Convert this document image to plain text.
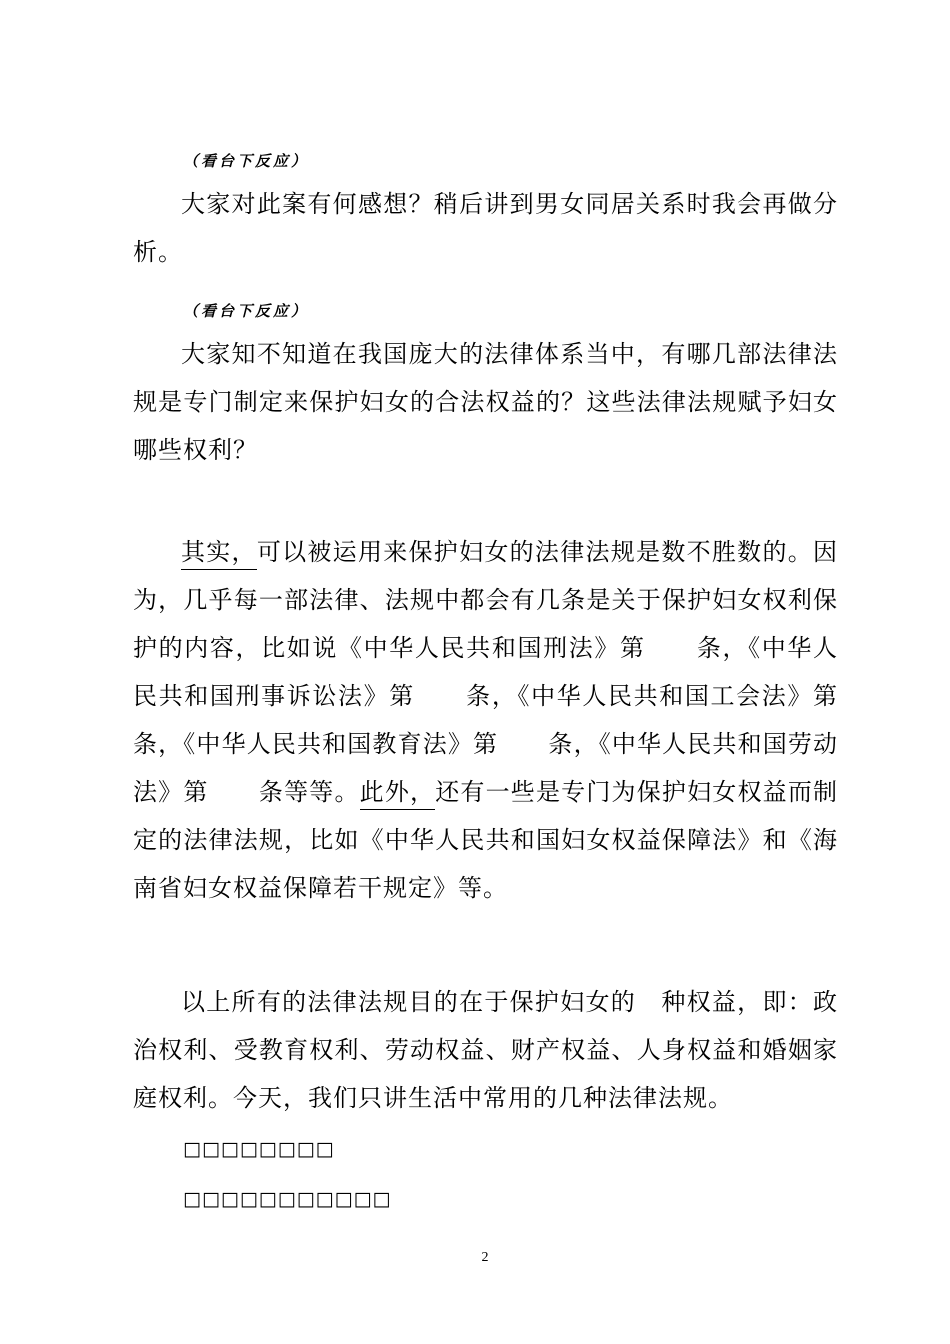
（看台下反应）
大家对此案有何感想？稍后讲到男女同居关系时我会再做分析。
（看台下反应）
大家知不知道在我国庞大的法律体系当中，有哪几部法律法规是专门制定来保护妇女的合法权益的？这些法律法规赋予妇女哪些权利？
其实，可以被运用来保护妇女的法律法规是数不胜数的。因为，几乎每一部法律、法规中都会有几条是关于保护妇女权利保护的内容，比如说《中华人民共和国刑法》第　　条，《中华人民共和国刑事诉讼法》第　　条，《中华人民共和国工会法》第　　条，《中华人民共和国教育法》第　　条，《中华人民共和国劳动法》第　　条等等。此外，还有一些是专门为保护妇女权益而制定的法律法规，比如《中华人民共和国妇女权益保障法》和《海南省妇女权益保障若干规定》等。
以上所有的法律法规目的在于保护妇女的　种权益，即：政治权利、受教育权利、劳动权益、财产权益、人身权益和婚姻家庭权利。今天，我们只讲生活中常用的几种法律法规。
□□□□□□□□
□□□□□□□□□□□
2
